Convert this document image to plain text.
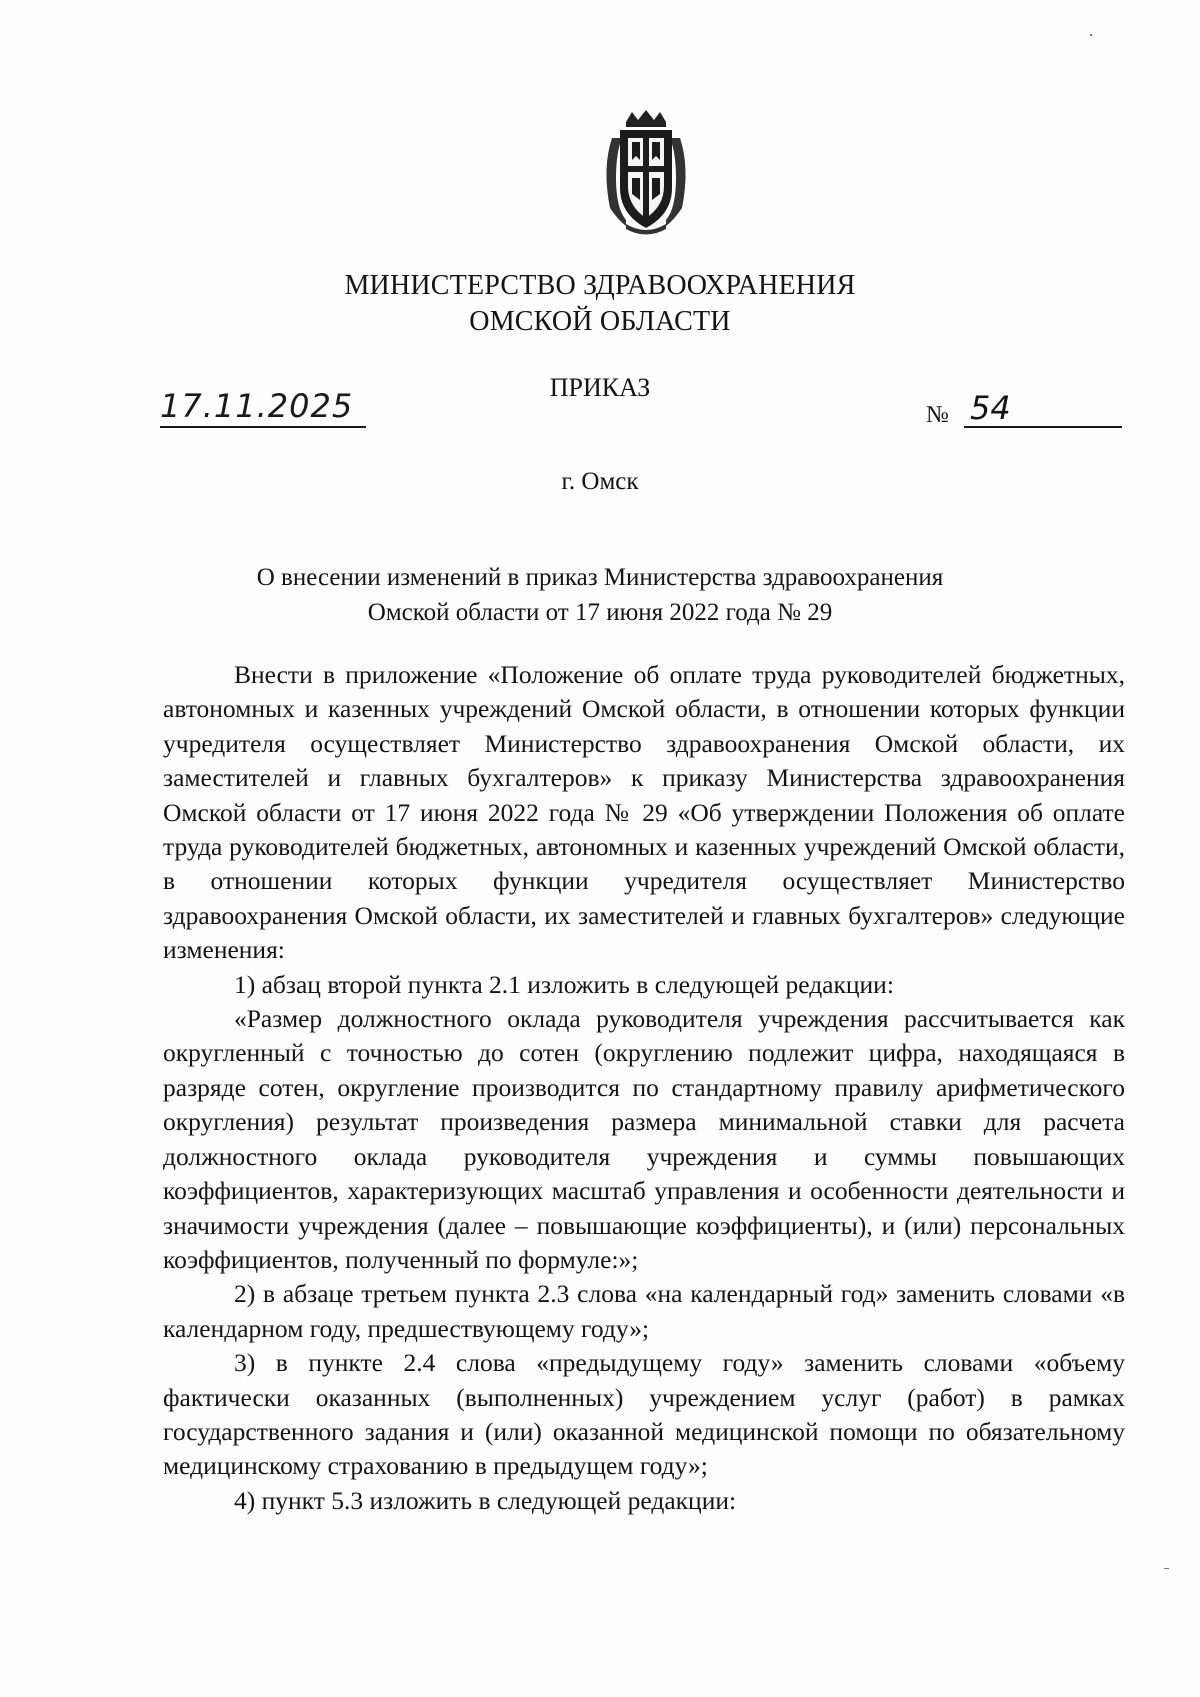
МИНИСТЕРСТВО ЗДРАВООХРАНЕНИЯ
ОМСКОЙ ОБЛАСТИ
ПРИКАЗ
17.11.2025	№ 54
г. Омск
О внесении изменений в приказ Министерства здравоохранения
Омской области от 17 июня 2022 года № 29

Внести в приложение «Положение об оплате труда руководителей бюджетных, автономных и казенных учреждений Омской области, в отношении которых функции учредителя осуществляет Министерство здравоохранения Омской области, их заместителей и главных бухгалтеров» к приказу Министерства здравоохранения Омской области от 17 июня 2022 года № 29 «Об утверждении Положения об оплате труда руководителей бюджетных, автономных и казенных учреждений Омской области, в отношении которых функции учредителя осуществляет Министерство здравоохранения Омской области, их заместителей и главных бухгалтеров» следующие изменения:

1) абзац второй пункта 2.1 изложить в следующей редакции:

«Размер должностного оклада руководителя учреждения рассчитывается как округленный с точностью до сотен (округлению подлежит цифра, находящаяся в разряде сотен, округление производится по стандартному правилу арифметического округления) результат произведения размера минимальной ставки для расчета должностного оклада руководителя учреждения и суммы повышающих коэффициентов, характеризующих масштаб управления и особенности деятельности и значимости учреждения (далее – повышающие коэффициенты), и (или) персональных коэффициентов, полученный по формуле:»;

2) в абзаце третьем пункта 2.3 слова «на календарный год» заменить словами «в календарном году, предшествующему году»;

3) в пункте 2.4 слова «предыдущему году» заменить словами «объему фактически оказанных (выполненных) учреждением услуг (работ) в рамках государственного задания и (или) оказанной медицинской помощи по обязательному медицинскому страхованию в предыдущем году»;

4) пункт 5.3 изложить в следующей редакции:
